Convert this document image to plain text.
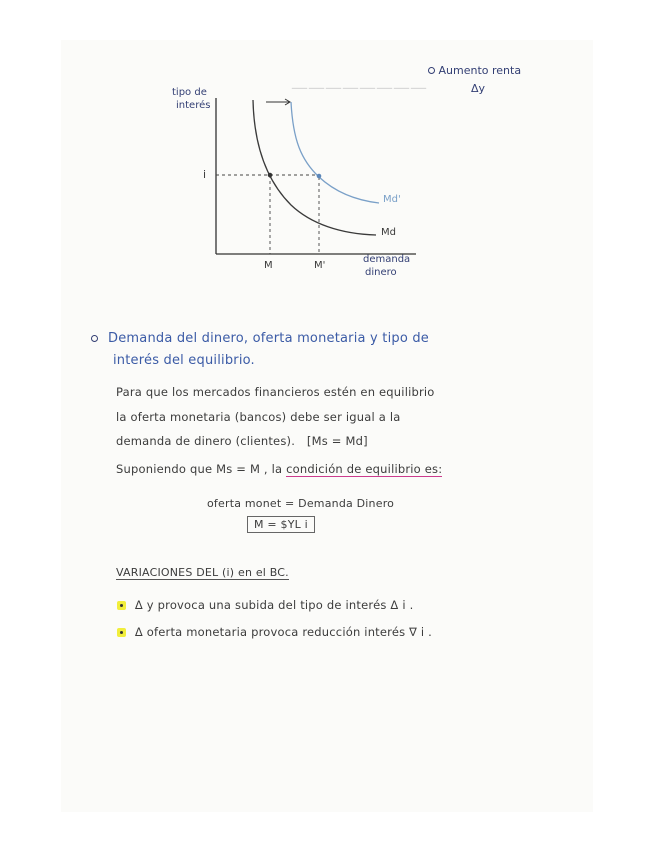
————————
tipo de
interés
i
M	M'
demanda
dinero
Md
Md'
Aumento renta
Δy
Demanda del dinero, oferta monetaria y tipo de
interés del equilibrio.
Para que los mercados financieros estén en equilibrio
la oferta monetaria (bancos) debe ser igual a la
demanda de dinero (clientes). [Ms = Md]
Suponiendo que Ms = M , la condición de equilibrio es:
oferta monet = Demanda Dinero
M = $YL i
VARIACIONES DEL (i) en el BC.
Δ y provoca una subida del tipo de interés Δ i .
Δ oferta monetaria provoca reducción interés ∇ i .
